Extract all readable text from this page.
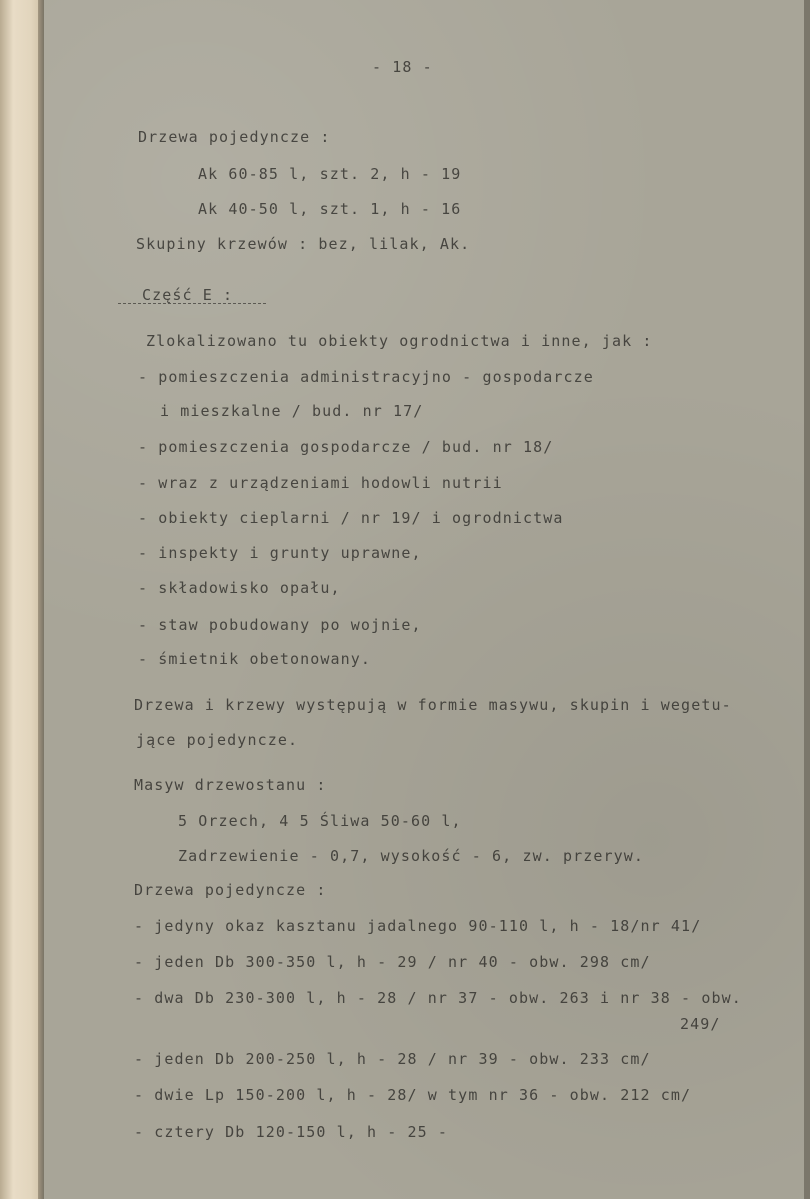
- 18 -
Drzewa pojedyncze :
Ak 60-85 l, szt. 2, h - 19
Ak 40-50 l, szt. 1, h - 16
Skupiny krzewów : bez, lilak, Ak.
Część E :
Zlokalizowano tu obiekty ogrodnictwa i inne, jak :
- pomieszczenia administracyjno - gospodarcze
i mieszkalne / bud. nr 17/
- pomieszczenia gospodarcze / bud. nr 18/
- wraz z urządzeniami hodowli nutrii
- obiekty cieplarni / nr 19/ i ogrodnictwa
- inspekty i grunty uprawne,
- składowisko opału,
- staw pobudowany po wojnie,
- śmietnik obetonowany.
Drzewa i krzewy występują w formie masywu, skupin i wegetu-
jące pojedyncze.
Masyw drzewostanu :
5 Orzech, 4 5 Śliwa 50-60 l,
Zadrzewienie - 0,7, wysokość - 6, zw. przeryw.
Drzewa pojedyncze :
- jedyny okaz kasztanu jadalnego 90-110 l, h - 18/nr 41/
- jeden Db 300-350 l, h - 29 / nr 40 - obw. 298 cm/
- dwa Db 230-300 l, h - 28 / nr 37 - obw. 263 i nr 38 - obw.
249/
- jeden Db 200-250 l, h - 28 / nr 39 - obw. 233 cm/
- dwie Lp 150-200 l, h - 28/ w tym nr 36 - obw. 212 cm/
- cztery Db 120-150 l, h - 25 -
